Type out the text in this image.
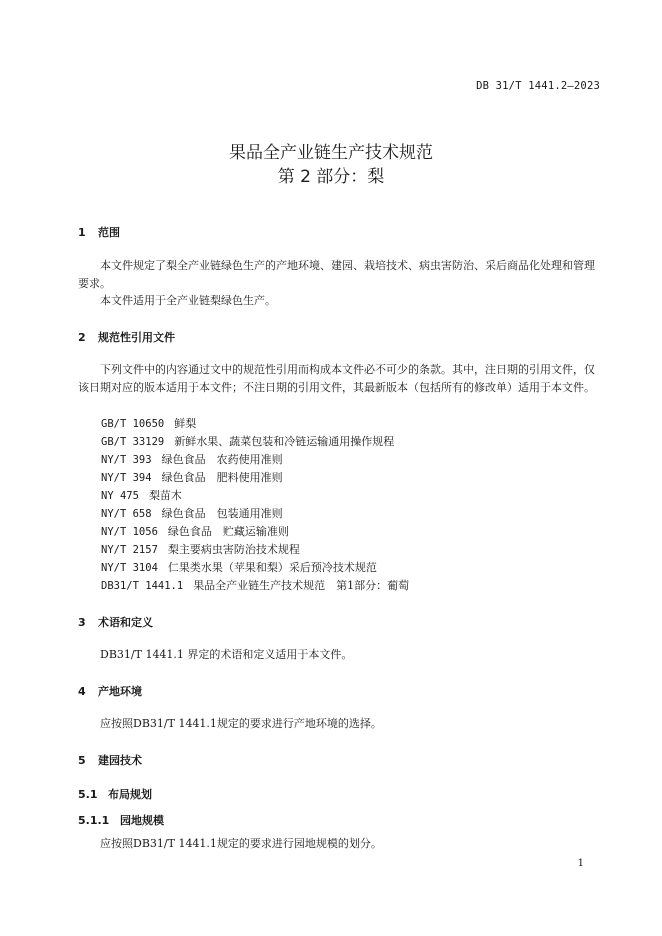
DB 31/T 1441.2—2023
果品全产业链生产技术规范
第 2 部分：梨
1 范围
本文件规定了梨全产业链绿色生产的产地环境、建园、栽培技术、病虫害防治、采后商品化处理和管理要求。
本文件适用于全产业链梨绿色生产。
2 规范性引用文件
下列文件中的内容通过文中的规范性引用而构成本文件必不可少的条款。其中，注日期的引用文件，仅该日期对应的版本适用于本文件；不注日期的引用文件，其最新版本（包括所有的修改单）适用于本文件。
GB/T 10650 鲜梨
GB/T 33129 新鲜水果、蔬菜包装和冷链运输通用操作规程
NY/T 393 绿色食品　农药使用准则
NY/T 394 绿色食品　肥料使用准则
NY 475 梨苗木
NY/T 658 绿色食品　包装通用准则
NY/T 1056 绿色食品　贮藏运输准则
NY/T 2157 梨主要病虫害防治技术规程
NY/T 3104 仁果类水果（苹果和梨）采后预冷技术规范
DB31/T 1441.1 果品全产业链生产技术规范　第1部分：葡萄
3 术语和定义
DB31/T 1441.1 界定的术语和定义适用于本文件。
4 产地环境
应按照DB31/T 1441.1规定的要求进行产地环境的选择。
5 建园技术
5.1 布局规划
5.1.1 园地规模
应按照DB31/T 1441.1规定的要求进行园地规模的划分。
1
